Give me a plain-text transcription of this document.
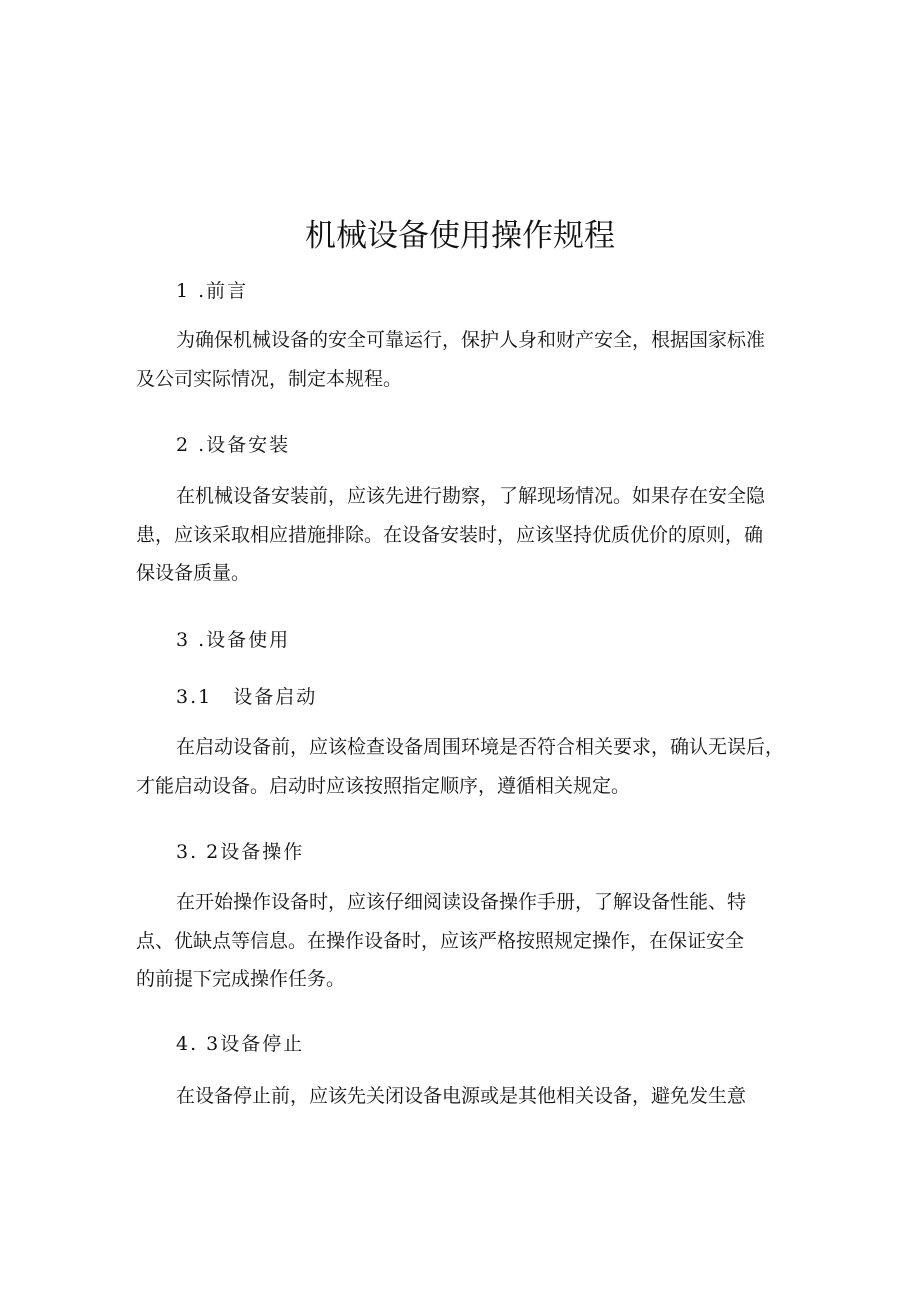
机械设备使用操作规程

1 .前言

为确保机械设备的安全可靠运行，保护人身和财产安全，根据国家标准
及公司实际情况，制定本规程。

2 .设备安装

在机械设备安装前，应该先进行勘察，了解现场情况。如果存在安全隐
患，应该采取相应措施排除。在设备安装时，应该坚持优质优价的原则，确
保设备质量。

3 .设备使用

3.1　设备启动

在启动设备前，应该检查设备周围环境是否符合相关要求，确认无误后，
才能启动设备。启动时应该按照指定顺序，遵循相关规定。

3. 2设备操作

在开始操作设备时，应该仔细阅读设备操作手册，了解设备性能、特
点、优缺点等信息。在操作设备时，应该严格按照规定操作，在保证安全
的前提下完成操作任务。

4. 3设备停止

在设备停止前，应该先关闭设备电源或是其他相关设备，避免发生意
